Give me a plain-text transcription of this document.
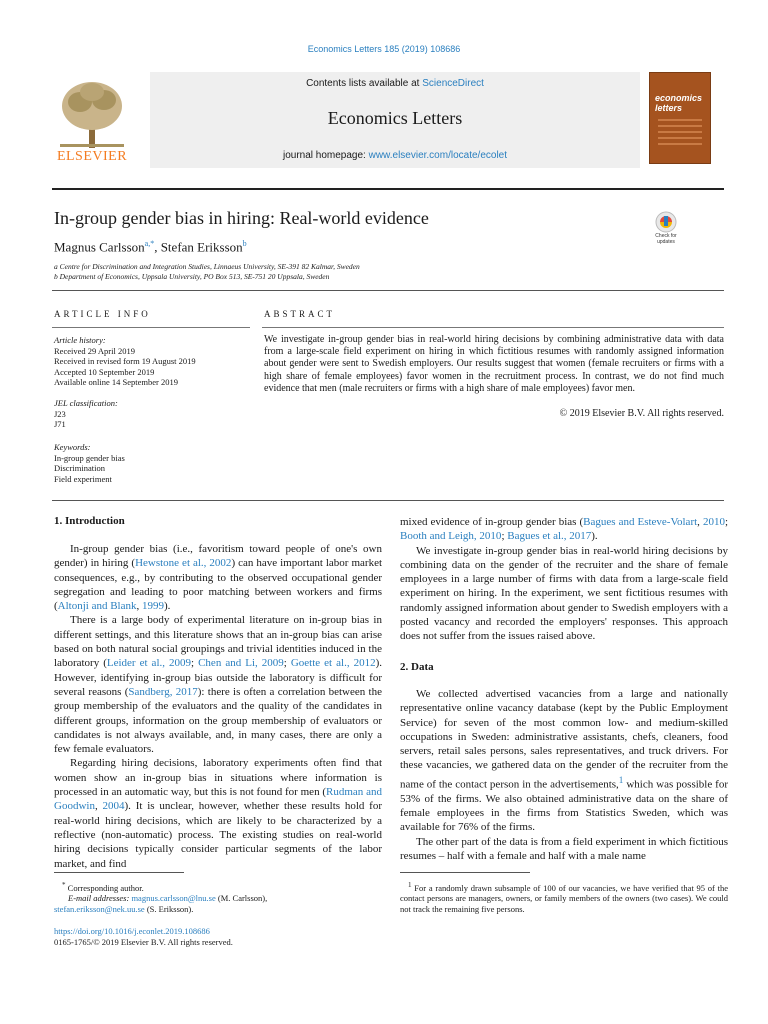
Economics Letters 185 (2019) 108686
ELSEVIER
Contents lists available at ScienceDirect
Economics Letters
journal homepage: www.elsevier.com/locate/ecolet
economics
letters
In-group gender bias in hiring: Real-world evidence
Magnus Carlsson$^{a,*}$, Stefan Eriksson$^b$
a Centre for Discrimination and Integration Studies, Linnaeus University, SE-391 82 Kalmar, Sweden
b Department of Economics, Uppsala University, PO Box 513, SE-751 20 Uppsala, Sweden
Check for updates
ARTICLE INFO	ABSTRACT
Article history:
Received 29 April 2019
Received in revised form 19 August 2019
Accepted 10 September 2019
Available online 14 September 2019
JEL classification:
J23
J71
Keywords:
In-group gender bias
Discrimination
Field experiment
We investigate in-group gender bias in real-world hiring decisions by combining administrative data with data from a large-scale field experiment on hiring in which fictitious resumes with randomly assigned information about gender were sent to Swedish employers. Our results suggest that women (female recruiters or firms with a high share of female employees) favor women in the recruitment process. In contrast, we do not find much evidence that men (male recruiters or firms with a high share of male employees) favor men.
© 2019 Elsevier B.V. All rights reserved.
1. Introduction

In-group gender bias (i.e., favoritism toward people of one's own gender) in hiring (Hewstone et al., 2002) can have important labor market consequences, e.g., by contributing to the observed occupational gender segregation and leading to poor matching between workers and firms (Altonji and Blank, 1999).

There is a large body of experimental literature on in-group bias in different settings, and this literature shows that an in-group bias can arise based on both natural social groupings and trivial identities induced in the laboratory (Leider et al., 2009; Chen and Li, 2009; Goette et al., 2012). However, identifying in-group bias outside the laboratory is difficult for several reasons (Sandberg, 2017): there is often a correlation between the group membership of the evaluators and the quality of the candidates in different groups, information on the group membership of evaluators or candidates is not always available, and, in many cases, there are only a few female evaluators.

Regarding hiring decisions, laboratory experiments often find that women show an in-group bias in situations where information is processed in an automatic way, but this is not found for men (Rudman and Goodwin, 2004). It is unclear, however, whether these results hold for real-world hiring decisions, which are likely to be characterized by a reflective (non-automatic) process. The existing studies on real-world hiring decisions typically consider particular segments of the labor market, and find

mixed evidence of in-group gender bias (Bagues and Esteve-Volart, 2010; Booth and Leigh, 2010; Bagues et al., 2017).

We investigate in-group gender bias in real-world hiring decisions by combining data on the gender of the recruiter and the share of female employees in a large number of firms with data from a large-scale field experiment on hiring. In the experiment, we sent fictitious resumes with randomly assigned information about gender to Swedish employers with a posted vacancy and recorded the employers' responses. This approach does not suffer from the issues raised above.

2. Data

We collected advertised vacancies from a large and nationally representative online vacancy database (kept by the Public Employment Service) for seven of the most common low- and medium-skilled occupations in Sweden: administrative assistants, chefs, cleaners, food servers, retail sales persons, sales representatives, and truck drivers. For these vacancies, we gathered data on the gender of the recruiter from the name of the contact person in the advertisements,$^1$ which was possible for 53% of the firms. We also obtained administrative data on the share of female employees in the firms from Statistics Sweden, which was available for 76% of the firms.

The other part of the data is from a field experiment in which fictitious resumes – half with a female and half with a male name

* Corresponding author.
E-mail addresses: magnus.carlsson@lnu.se (M. Carlsson),
stefan.eriksson@nek.uu.se (S. Eriksson).
https://doi.org/10.1016/j.econlet.2019.108686
0165-1765/© 2019 Elsevier B.V. All rights reserved.
$^1$ For a randomly drawn subsample of 100 of our vacancies, we have verified that 95 of the contact persons are managers, owners, or family members of the owners (two cases). We could not track the remaining five persons.
